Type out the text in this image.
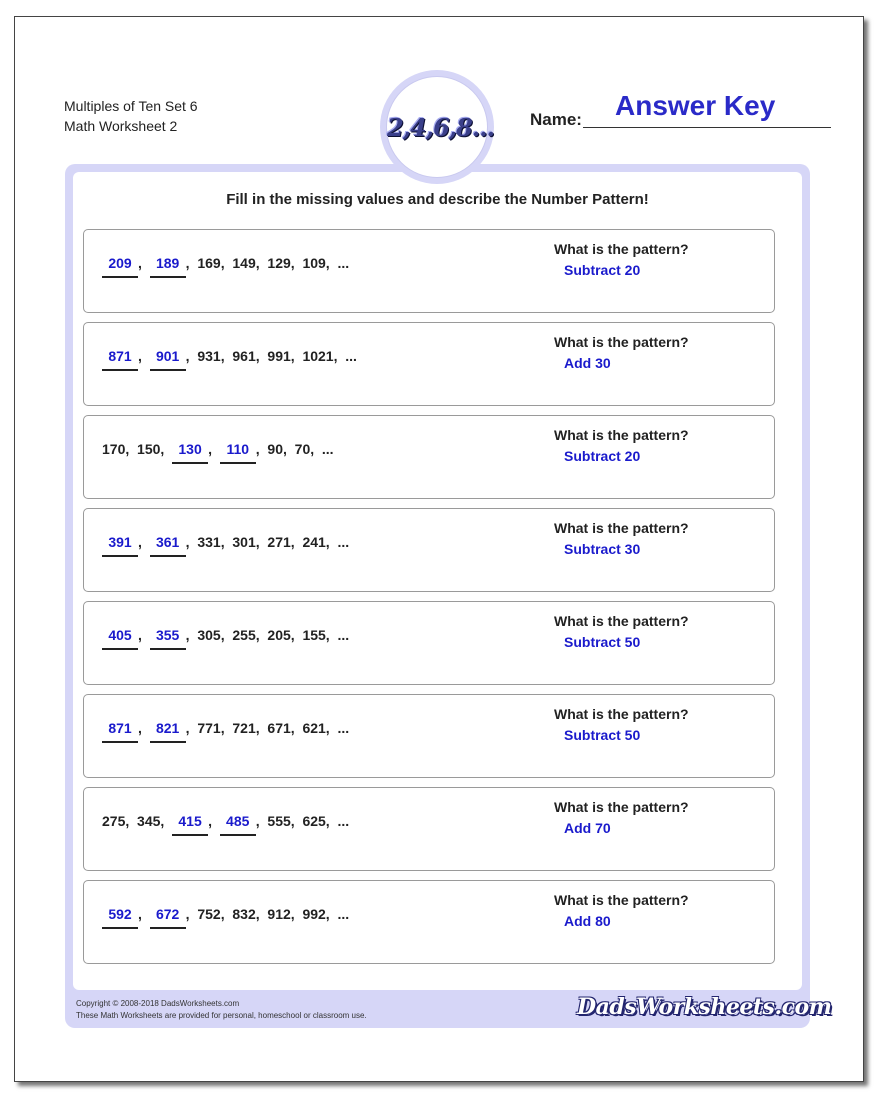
Multiples of Ten Set 6
Math Worksheet 2	2,4,6,8... Name: Answer Key
Fill in the missing values and describe the Number Pattern!
209 , 189 , 169 , 149 , 129 , 109 , ...
What is the pattern?
Subtract 20
871 , 901 , 931 , 961 , 991 , 1021 , ...
What is the pattern?
Add 30
170 , 150 , 130 , 110 , 90 , 70 , ...
What is the pattern?
Subtract 20
391 , 361 , 331 , 301 , 271 , 241 , ...
What is the pattern?
Subtract 30
405 , 355 , 305 , 255 , 205 , 155 , ...
What is the pattern?
Subtract 50
871 , 821 , 771 , 721 , 671 , 621 , ...
What is the pattern?
Subtract 50
275 , 345 , 415 , 485 , 555 , 625 , ...
What is the pattern?
Add 70
592 , 672 , 752 , 832 , 912 , 992 , ...
What is the pattern?
Add 80
Copyright © 2008-2018 DadsWorksheets.com
These Math Worksheets are provided for personal, homeschool or classroom use.	DadsWorksheets.com
